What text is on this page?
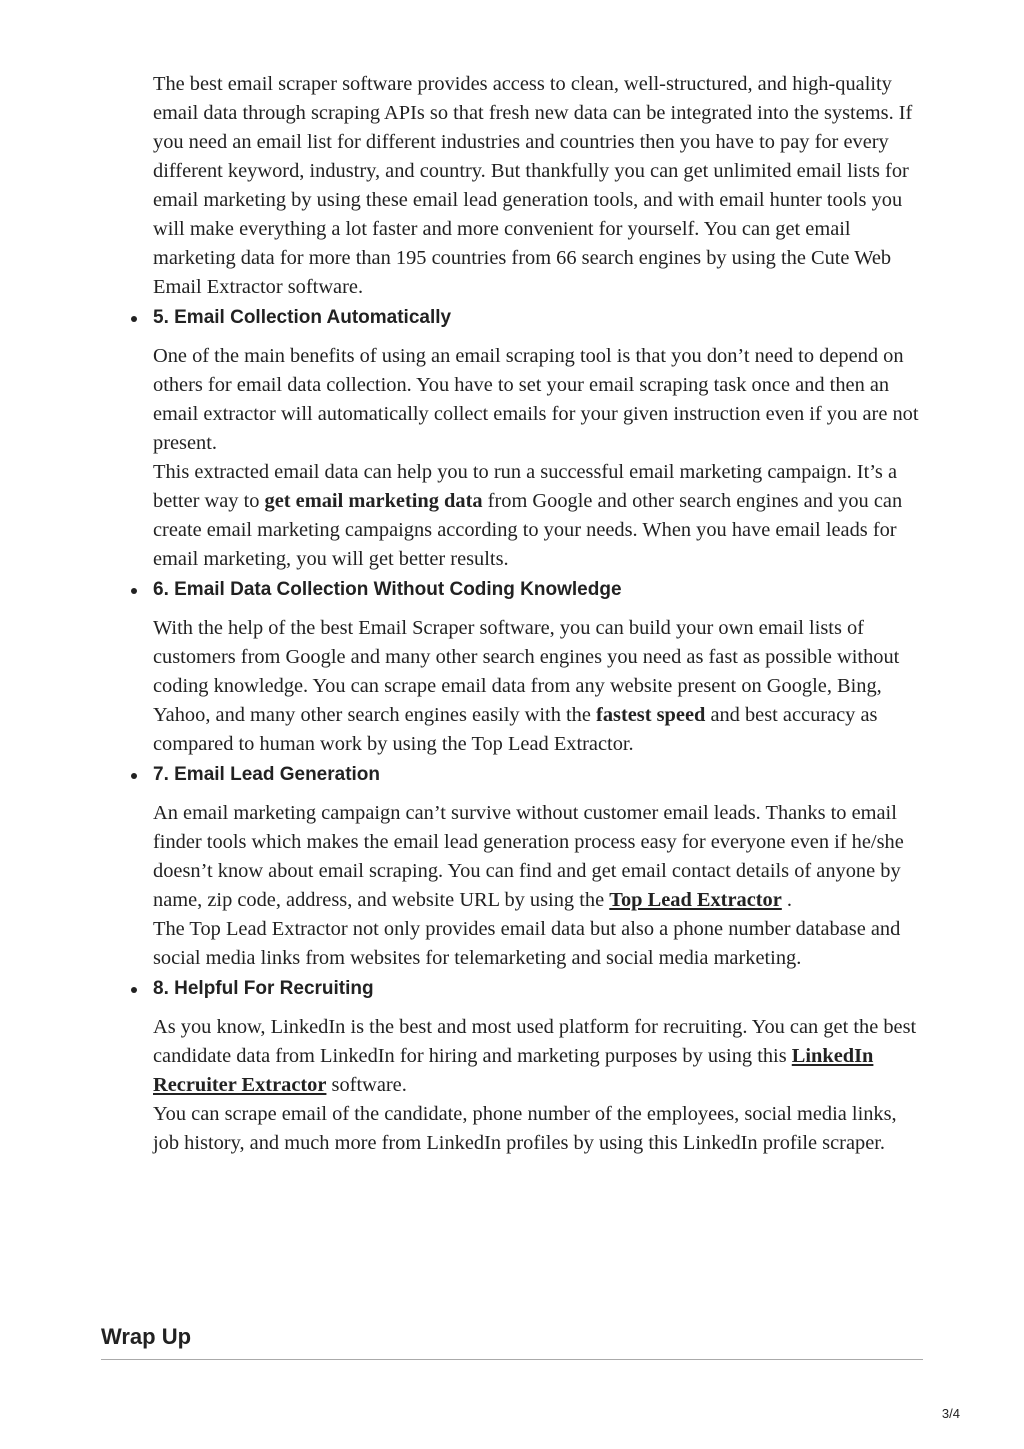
The best email scraper software provides access to clean, well-structured, and high-quality email data through scraping APIs so that fresh new data can be integrated into the systems. If you need an email list for different industries and countries then you have to pay for every different keyword, industry, and country. But thankfully you can get unlimited email lists for email marketing by using these email lead generation tools, and with email hunter tools you will make everything a lot faster and more convenient for yourself. You can get email marketing data for more than 195 countries from 66 search engines by using the Cute Web Email Extractor software.

5. Email Collection Automatically

One of the main benefits of using an email scraping tool is that you don’t need to depend on others for email data collection. You have to set your email scraping task once and then an email extractor will automatically collect emails for your given instruction even if you are not present.

This extracted email data can help you to run a successful email marketing campaign. It’s a better way to get email marketing data from Google and other search engines and you can create email marketing campaigns according to your needs. When you have email leads for email marketing, you will get better results.

6. Email Data Collection Without Coding Knowledge

With the help of the best Email Scraper software, you can build your own email lists of customers from Google and many other search engines you need as fast as possible without coding knowledge. You can scrape email data from any website present on Google, Bing, Yahoo, and many other search engines easily with the fastest speed and best accuracy as compared to human work by using the Top Lead Extractor.

7. Email Lead Generation

An email marketing campaign can’t survive without customer email leads. Thanks to email finder tools which makes the email lead generation process easy for everyone even if he/she doesn’t know about email scraping. You can find and get email contact details of anyone by name, zip code, address, and website URL by using the Top Lead Extractor .

The Top Lead Extractor not only provides email data but also a phone number database and social media links from websites for telemarketing and social media marketing.

8. Helpful For Recruiting

As you know, LinkedIn is the best and most used platform for recruiting. You can get the best candidate data from LinkedIn for hiring and marketing purposes by using this LinkedIn Recruiter Extractor software.

You can scrape email of the candidate, phone number of the employees, social media links, job history, and much more from LinkedIn profiles by using this LinkedIn profile scraper.

Wrap Up
3/4
